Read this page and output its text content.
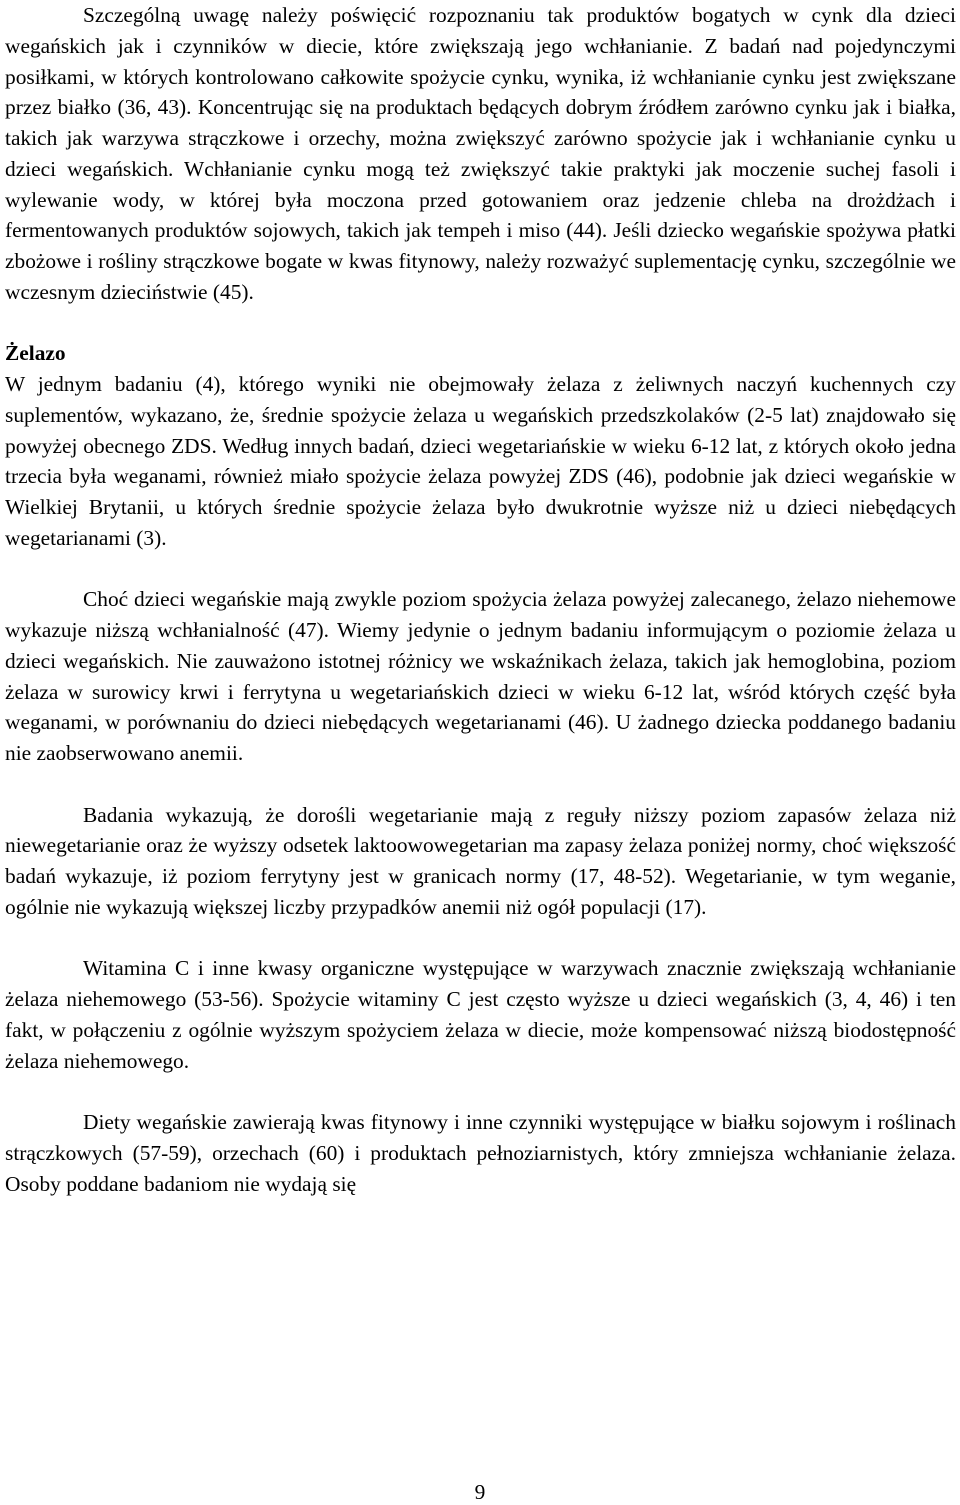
Szczególną uwagę należy poświęcić rozpoznaniu tak produktów bogatych w cynk dla dzieci wegańskich jak i czynników w diecie, które zwiększają jego wchłanianie. Z badań nad pojedynczymi posiłkami, w których kontrolowano całkowite spożycie cynku, wynika, iż wchłanianie cynku jest zwiększane przez białko (36, 43). Koncentrując się na produktach będących dobrym źródłem zarówno cynku jak i białka, takich jak warzywa strączkowe i orzechy, można zwiększyć zarówno spożycie jak i wchłanianie cynku u dzieci wegańskich. Wchłanianie cynku mogą też zwiększyć takie praktyki jak moczenie suchej fasoli i wylewanie wody, w której była moczona przed gotowaniem oraz jedzenie chleba na drożdżach i fermentowanych produktów sojowych, takich jak tempeh i miso (44). Jeśli dziecko wegańskie spożywa płatki zbożowe i rośliny strączkowe bogate w kwas fitynowy, należy rozważyć suplementację cynku, szczególnie we wczesnym dzieciństwie (45).

Żelazo

W jednym badaniu (4), którego wyniki nie obejmowały żelaza z żeliwnych naczyń kuchennych czy suplementów, wykazano, że, średnie spożycie żelaza u wegańskich przedszkolaków (2-5 lat) znajdowało się powyżej obecnego ZDS. Według innych badań, dzieci wegetariańskie w wieku 6-12 lat, z których około jedna trzecia była weganami, również miało spożycie żelaza powyżej ZDS (46), podobnie jak dzieci wegańskie w Wielkiej Brytanii, u których średnie spożycie żelaza było dwukrotnie wyższe niż u dzieci niebędących wegetarianami (3).

Choć dzieci wegańskie mają zwykle poziom spożycia żelaza powyżej zalecanego, żelazo niehemowe wykazuje niższą wchłanialność (47). Wiemy jedynie o jednym badaniu informującym o poziomie żelaza u dzieci wegańskich. Nie zauważono istotnej różnicy we wskaźnikach żelaza, takich jak hemoglobina, poziom żelaza w surowicy krwi i ferrytyna u wegetariańskich dzieci w wieku 6-12 lat, wśród których część była weganami, w porównaniu do dzieci niebędących wegetarianami (46). U żadnego dziecka poddanego badaniu nie zaobserwowano anemii.

Badania wykazują, że dorośli wegetarianie mają z reguły niższy poziom zapasów żelaza niż niewegetarianie oraz że wyższy odsetek laktoowowegetarian ma zapasy żelaza poniżej normy, choć większość badań wykazuje, iż poziom ferrytyny jest w granicach normy (17, 48-52). Wegetarianie, w tym weganie, ogólnie nie wykazują większej liczby przypadków anemii niż ogół populacji (17).

Witamina C i inne kwasy organiczne występujące w warzywach znacznie zwiększają wchłanianie żelaza niehemowego (53-56). Spożycie witaminy C jest często wyższe u dzieci wegańskich (3, 4, 46) i ten fakt, w połączeniu z ogólnie wyższym spożyciem żelaza w diecie, może kompensować niższą biodostępność żelaza niehemowego.

Diety wegańskie zawierają kwas fitynowy i inne czynniki występujące w białku sojowym i roślinach strączkowych (57-59), orzechach (60) i produktach pełnoziarnistych, który zmniejsza wchłanianie żelaza. Osoby poddane badaniom nie wydają się

9
